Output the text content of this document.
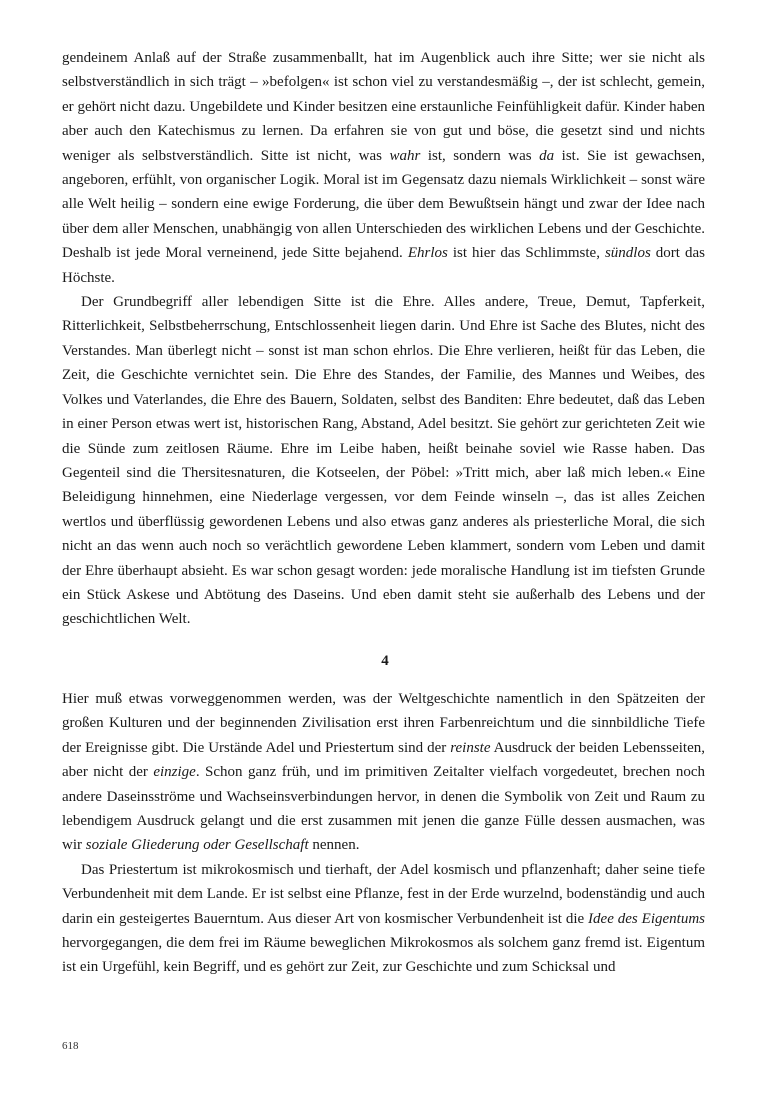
gendeinem Anlaß auf der Straße zusammenballt, hat im Augenblick auch ihre Sitte; wer sie nicht als selbstverständlich in sich trägt – »befolgen« ist schon viel zu verstandesmäßig –, der ist schlecht, gemein, er gehört nicht dazu. Ungebildete und Kinder besitzen eine erstaunliche Feinfühligkeit dafür. Kinder haben aber auch den Katechismus zu lernen. Da erfahren sie von gut und böse, die gesetzt sind und nichts weniger als selbstverständlich. Sitte ist nicht, was wahr ist, sondern was da ist. Sie ist gewachsen, angeboren, erfühlt, von organischer Logik. Moral ist im Gegensatz dazu niemals Wirklichkeit – sonst wäre alle Welt heilig – sondern eine ewige Forderung, die über dem Bewußtsein hängt und zwar der Idee nach über dem aller Menschen, unabhängig von allen Unterschieden des wirklichen Lebens und der Geschichte. Deshalb ist jede Moral verneinend, jede Sitte bejahend. Ehrlos ist hier das Schlimmste, sündlos dort das Höchste.

Der Grundbegriff aller lebendigen Sitte ist die Ehre. Alles andere, Treue, Demut, Tapferkeit, Ritterlichkeit, Selbstbeherrschung, Entschlossenheit liegen darin. Und Ehre ist Sache des Blutes, nicht des Verstandes. Man überlegt nicht – sonst ist man schon ehrlos. Die Ehre verlieren, heißt für das Leben, die Zeit, die Geschichte vernichtet sein. Die Ehre des Standes, der Familie, des Mannes und Weibes, des Volkes und Vaterlandes, die Ehre des Bauern, Soldaten, selbst des Banditen: Ehre bedeutet, daß das Leben in einer Person etwas wert ist, historischen Rang, Abstand, Adel besitzt. Sie gehört zur gerichteten Zeit wie die Sünde zum zeitlosen Räume. Ehre im Leibe haben, heißt beinahe soviel wie Rasse haben. Das Gegenteil sind die Thersitesnaturen, die Kotseelen, der Pöbel: »Tritt mich, aber laß mich leben.« Eine Beleidigung hinnehmen, eine Niederlage vergessen, vor dem Feinde winseln –, das ist alles Zeichen wertlos und überflüssig gewordenen Lebens und also etwas ganz anderes als priesterliche Moral, die sich nicht an das wenn auch noch so verächtlich gewordene Leben klammert, sondern vom Leben und damit der Ehre überhaupt absieht. Es war schon gesagt worden: jede moralische Handlung ist im tiefsten Grunde ein Stück Askese und Abtötung des Daseins. Und eben damit steht sie außerhalb des Lebens und der geschichtlichen Welt.

4

Hier muß etwas vorweggenommen werden, was der Weltgeschichte namentlich in den Spätzeiten der großen Kulturen und der beginnenden Zivilisation erst ihren Farbenreichtum und die sinnbildliche Tiefe der Ereignisse gibt. Die Urstände Adel und Priestertum sind der reinste Ausdruck der beiden Lebensseiten, aber nicht der einzige. Schon ganz früh, und im primitiven Zeitalter vielfach vorgedeutet, brechen noch andere Daseinsströme und Wachseinsverbindungen hervor, in denen die Symbolik von Zeit und Raum zu lebendigem Ausdruck gelangt und die erst zusammen mit jenen die ganze Fülle dessen ausmachen, was wir soziale Gliederung oder Gesellschaft nennen.

Das Priestertum ist mikrokosmisch und tierhaft, der Adel kosmisch und pflanzenhaft; daher seine tiefe Verbundenheit mit dem Lande. Er ist selbst eine Pflanze, fest in der Erde wurzelnd, bodenständig und auch darin ein gesteigertes Bauerntum. Aus dieser Art von kosmischer Verbundenheit ist die Idee des Eigentums hervorgegangen, die dem frei im Räume beweglichen Mikrokosmos als solchem ganz fremd ist. Eigentum ist ein Urgefühl, kein Begriff, und es gehört zur Zeit, zur Geschichte und zum Schicksal und

618
